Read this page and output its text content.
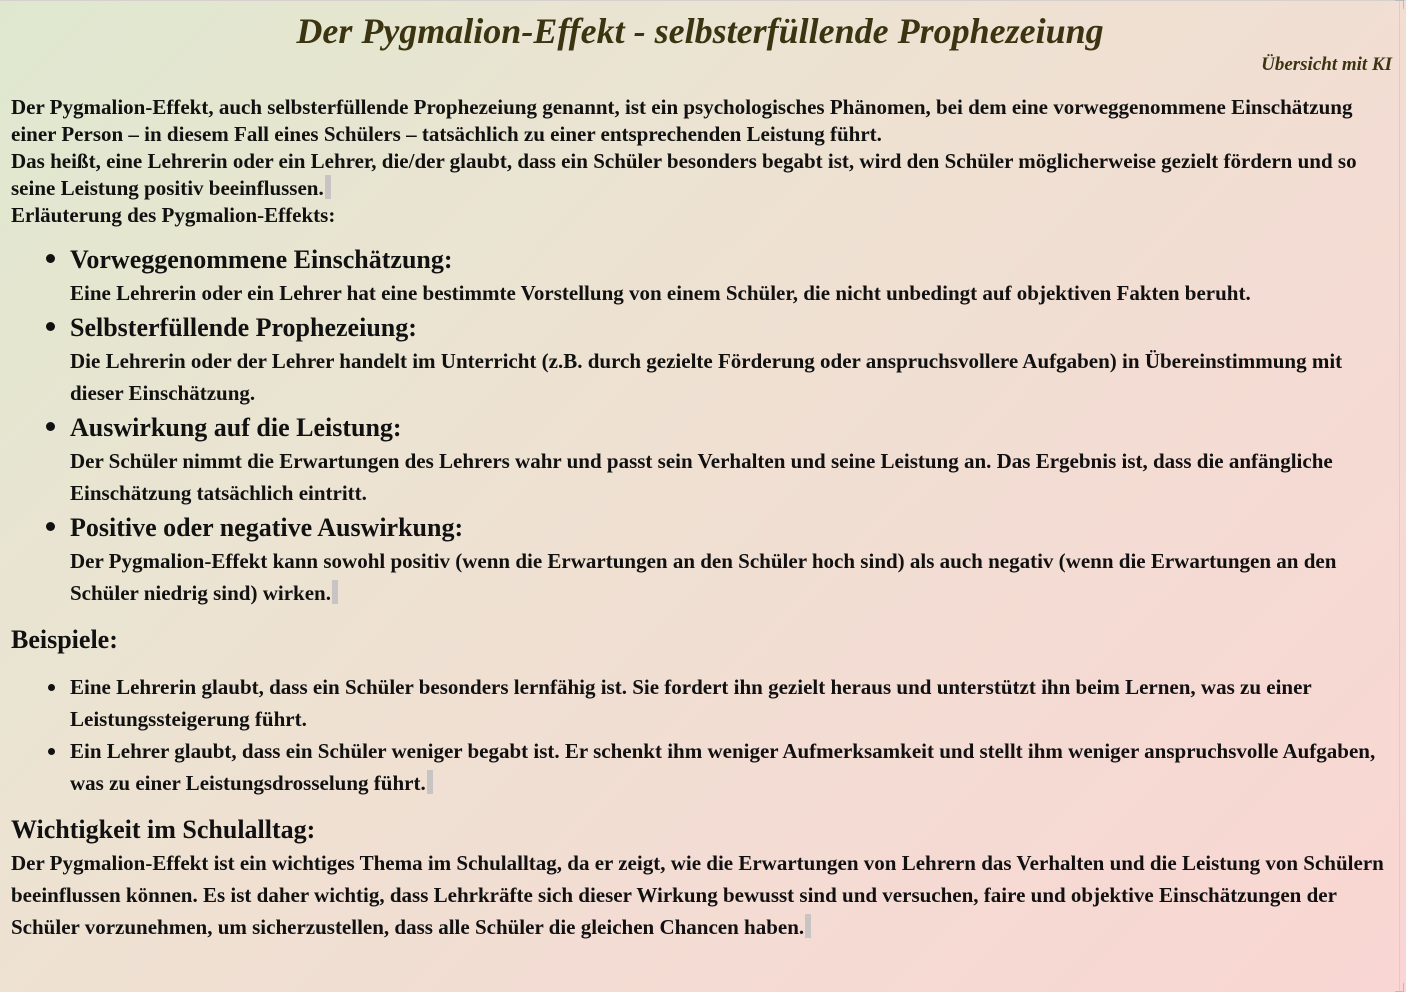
Der Pygmalion-Effekt - selbsterfüllende Prophezeiung
Übersicht mit KI

Der Pygmalion-Effekt, auch selbsterfüllende Prophezeiung genannt, ist ein psychologisches Phänomen, bei dem eine vorweggenommene Einschätzung einer Person – in diesem Fall eines Schülers – tatsächlich zu einer entsprechenden Leistung führt.

Das heißt, eine Lehrerin oder ein Lehrer, die/der glaubt, dass ein Schüler besonders begabt ist, wird den Schüler möglicherweise gezielt fördern und so seine Leistung positiv beeinflussen.

Erläuterung des Pygmalion-Effekts:

Vorweggenommene Einschätzung:
Eine Lehrerin oder ein Lehrer hat eine bestimmte Vorstellung von einem Schüler, die nicht unbedingt auf objektiven Fakten beruht.
Selbsterfüllende Prophezeiung:
Die Lehrerin oder der Lehrer handelt im Unterricht (z.B. durch gezielte Förderung oder anspruchsvollere Aufgaben) in Übereinstimmung mit dieser Einschätzung.
Auswirkung auf die Leistung:
Der Schüler nimmt die Erwartungen des Lehrers wahr und passt sein Verhalten und seine Leistung an. Das Ergebnis ist, dass die anfängliche Einschätzung tatsächlich eintritt.
Positive oder negative Auswirkung:
Der Pygmalion-Effekt kann sowohl positiv (wenn die Erwartungen an den Schüler hoch sind) als auch negativ (wenn die Erwartungen an den Schüler niedrig sind) wirken.
Beispiele:
Eine Lehrerin glaubt, dass ein Schüler besonders lernfähig ist. Sie fordert ihn gezielt heraus und unterstützt ihn beim Lernen, was zu einer Leistungssteigerung führt.
Ein Lehrer glaubt, dass ein Schüler weniger begabt ist. Er schenkt ihm weniger Aufmerksamkeit und stellt ihm weniger anspruchsvolle Aufgaben, was zu einer Leistungsdrosselung führt.
Wichtigkeit im Schulalltag:

Der Pygmalion-Effekt ist ein wichtiges Thema im Schulalltag, da er zeigt, wie die Erwartungen von Lehrern das Verhalten und die Leistung von Schülern beeinflussen können. Es ist daher wichtig, dass Lehrkräfte sich dieser Wirkung bewusst sind und versuchen, faire und objektive Einschätzungen der Schüler vorzunehmen, um sicherzustellen, dass alle Schüler die gleichen Chancen haben.
